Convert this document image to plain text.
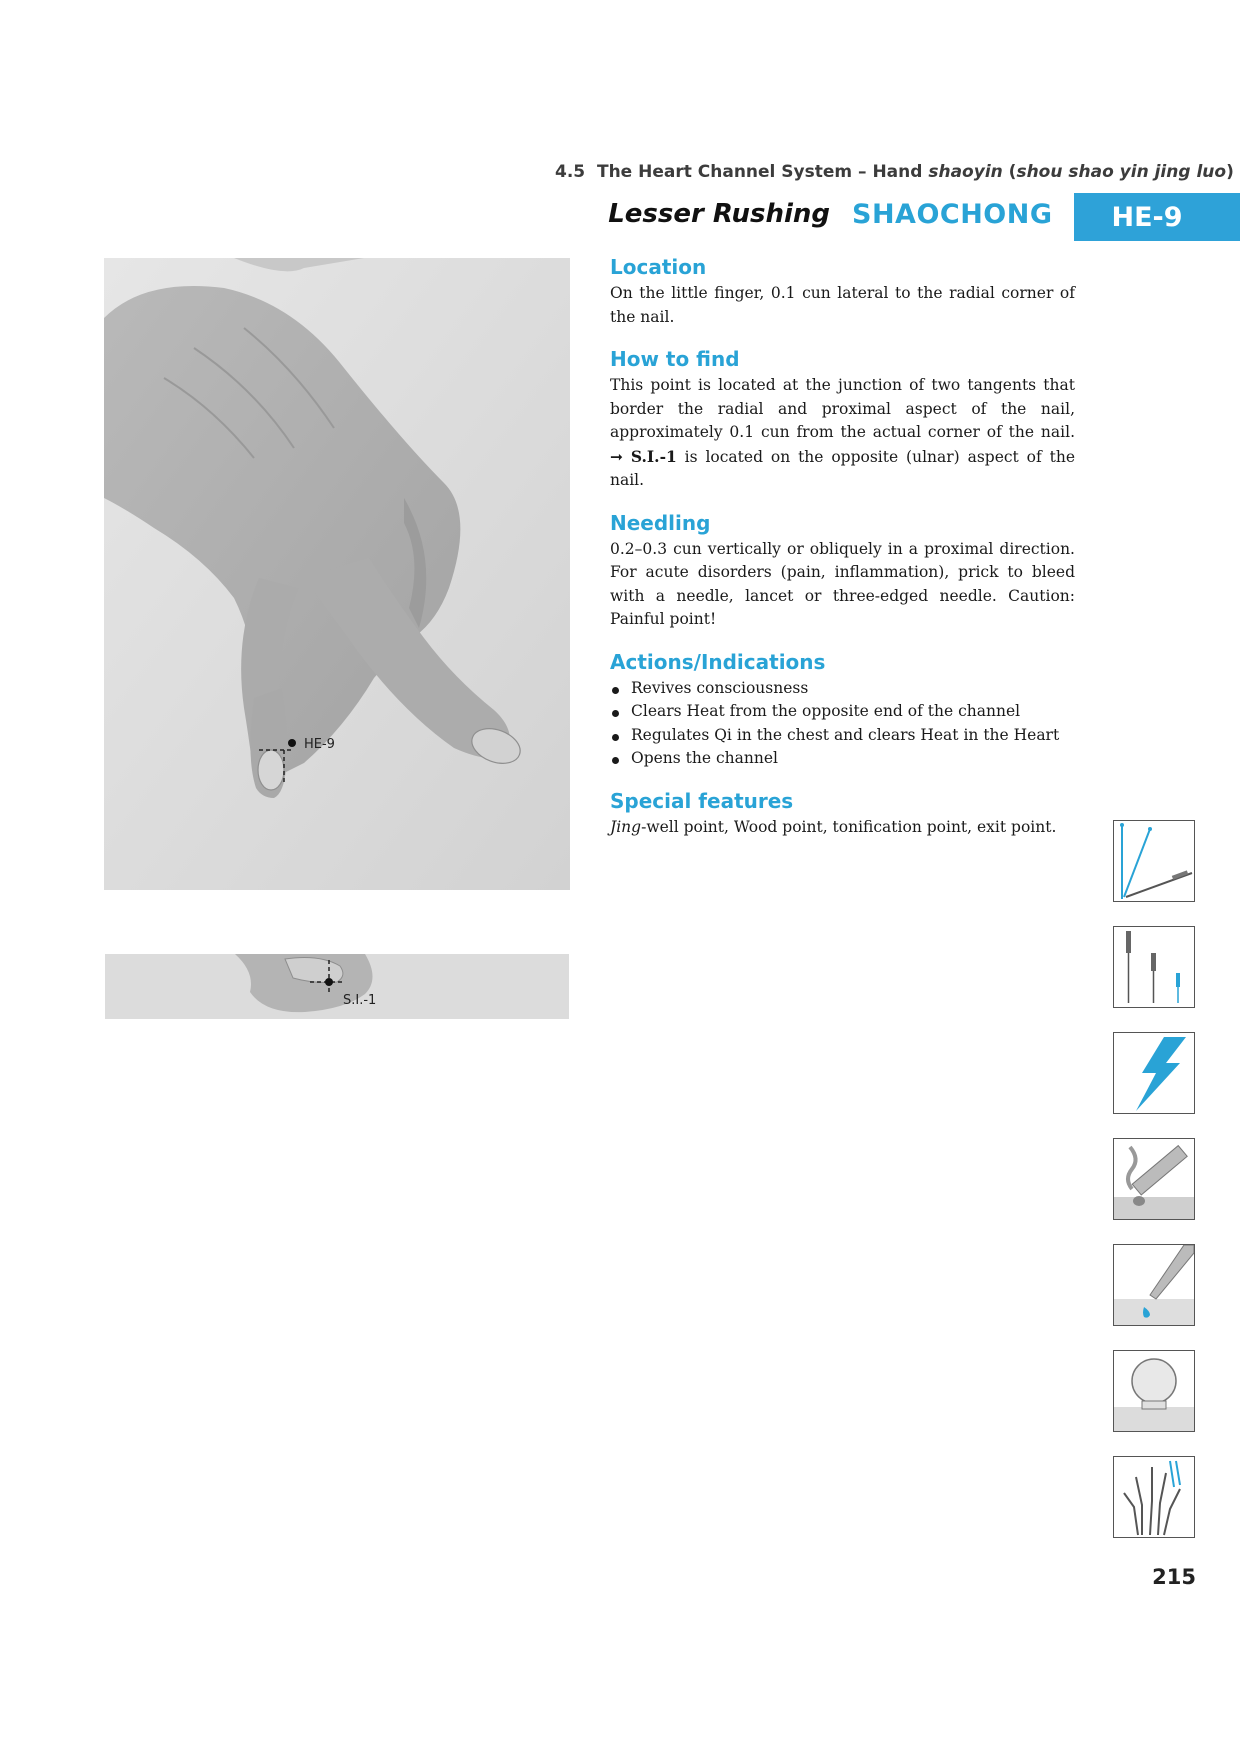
4.5 The Heart Channel System – Hand shaoyin (shou shao yin jing luo)
Lesser Rushing SHAOCHONG	HE-9
HE-9
S.I.-1
Location

On the little finger, 0.1 cun lateral to the radial corner of the nail.

How to find

This point is located at the junction of two tangents that border the radial and proximal aspect of the nail, approximately 0.1 cun from the actual corner of the nail. ➞ S.I.-1 is located on the opposite (ulnar) aspect of the nail.

Needling

0.2–0.3 cun vertically or obliquely in a proximal direction. For acute disorders (pain, inflammation), prick to bleed with a needle, lancet or three-edged needle. Caution: Painful point!

Actions/Indications
Revives consciousness
Clears Heat from the opposite end of the channel
Regulates Qi in the chest and clears Heat in the Heart
Opens the channel
Special features

Jing-well point, Wood point, tonification point, exit point.

215
